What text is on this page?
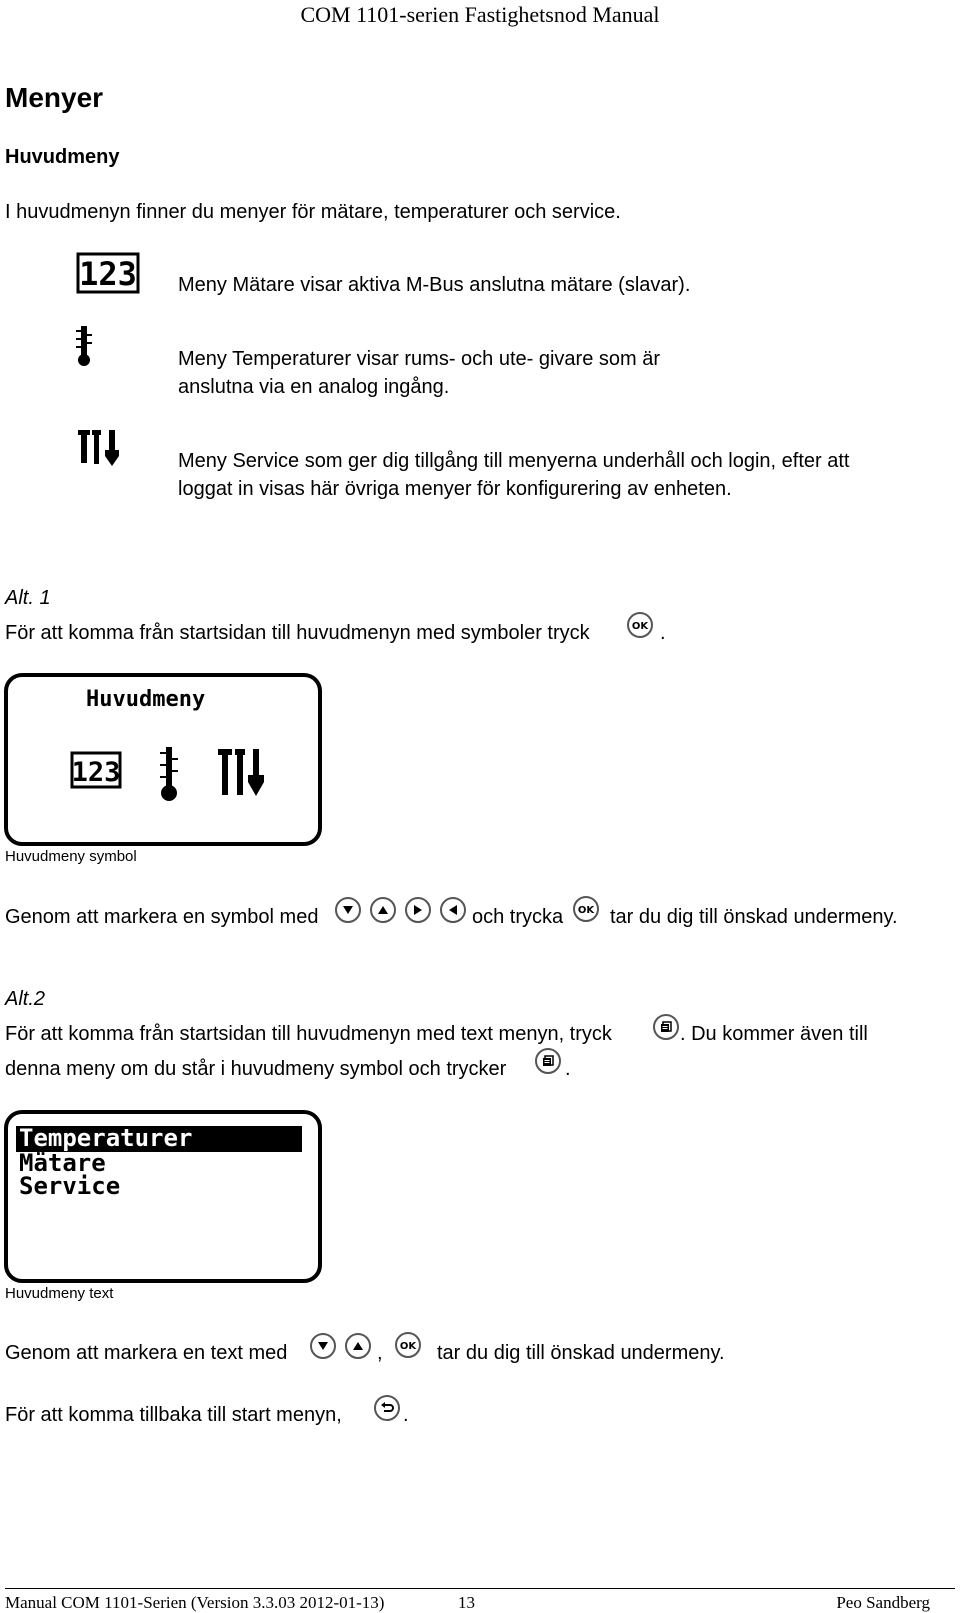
COM 1101-serien Fastighetsnod Manual
Menyer
Huvudmeny
I huvudmenyn finner du menyer för mätare, temperaturer och service.
123 Meny Mätare visar aktiva M-Bus anslutna mätare (slavar).
Meny Temperaturer visar rums- och ute- givare som är
anslutna via en analog ingång.
Meny Service som ger dig tillgång till menyerna underhåll och login, efter att
loggat in visas här övriga menyer för konfigurering av enheten.
Alt. 1
För att komma från startsidan till huvudmenyn med symboler tryck	OK .
Huvudmeny
123
Huvudmeny symbol
Genom att markera en symbol med	och trycka OK tar du dig till önskad undermeny.
Alt.2
För att komma från startsidan till huvudmenyn med text menyn, tryck	. Du kommer även till
denna meny om du står i huvudmeny symbol och trycker	.
Temperaturer
Mätare
Service
Huvudmeny text
Genom att markera en text med	, OK tar du dig till önskad undermeny.
För att komma tillbaka till start menyn,	.
Manual COM 1101-Serien (Version 3.3.03 2012-01-13)	13	Peo Sandberg
